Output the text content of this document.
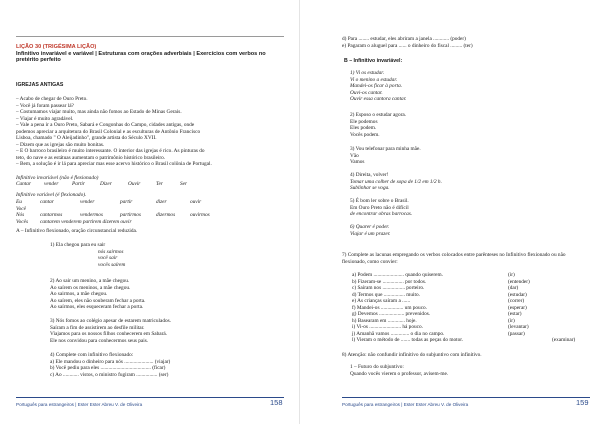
LIÇÃO 30 (TRIGÉSIMA LIÇÃO)
Infinitivo invariável e variável | Estruturas com orações adverbiais | Exercícios com verbos no pretérito perfeito
IGREJAS ANTIGAS
– Acabo de chegar de Ouro Preto.
– Você já foram passear lá?
– Costumamos viajar muito, mas ainda não fomos ao Estado de Minas Gerais.
– Viajar é muito agradável.
– Vale a pena ir a Ouro Preto, Sabará e Congonhas do Campo, cidades antigas, onde
podemos apreciar a arquitetura do Brasil Colonial e as esculturas de Antônio Francisco
Lisboa, chamado " O Aleijadinho", grande artista do Século XVII.
– Dizem que as igrejas são muito bonitas.
– E O barroco brasileiro é muito interessante. O interior das igrejas é rico. As pinturas do
teto, do nave e as estátuas aumentam o patrimônio histórico brasileiro.
– Bem, a solução é ir lá para apreciar mas esse acervo histórico o Brasil colônia de Portugal.
Infinitivo invariável (não é flexionado)
Cantar	vender	Partir	Dizer	Ouvir	Ter	Ser
Infinitivo variável (é flexionado).
Eu	cantar	vender	partir	dizer	ouvir
Você
Nós	cantarmos	vendermos	partirmos	dizermos	ouvirmos
Vocês	cantarem venderem partirem dizerem ouvir
A – Infinitivo flexionado, oração circunstancial reduzida.
1) Ela chegou para eu sair
nós sairmos
você sair
vocês saírem
2) Ao sair um menino, a mãe chegou.
Ao saírem os meninos, a mãe chegou.
Ao sairmos, a mãe chegou.
Ao saírem, eles não souberam fechar a porta.
Ao saírmos, eles esqueceram fechar a porta.
3) Nós fomos ao colégio apesar de estarem matriculados.
Saíram a fim de assistirem ao desfile militar.
Viajamos para os nossos filhos conhecerem em Sabará.
Ele nos convidou para conhecermos seus pais.
4) Complete com infinitivo flexionado:
a) Ele mandou o dinheiro para nós ...................... (viajar)
b) Você pediu para eles ...................................... (ficar)
c) Ao ............ vistos, o ministro fugiram ................ (ser)
Português para estrangeiros | Ester Ester Abreu V. de Oliveira	158
d) Para ........ estudar, eles abriram a janela ............ (poder)
e) Pagaram o aluguel para ...... o dinheiro do fiscal ......... (ter)
B – Infinitivo invariável:
1) Vi os estudar.
Vi o menino a estudar.
Mandei-os ficar à porta.
Ouvi-os cantar.
Ouvir essa cantora cantar.
2) Esposo o estudar agora.
Ele podemos
Eles podem.
Vocês podem.
3) Vou telefonar para minha mãe.
Vão
Vamos
4) Direita, volver!
Tomar uma colher de sopa de 1/2 em 1/2 h.
Sublinhar se voga.
5) É bom ler sobre o Brasil.
Em Ouro Preto não é difícil
de encontrar obras barrocas.
6) Quarer é poder.
Viajar é um prazer.
7) Complete as lacunas empregando os verbos colocados entre parênteses no Infinitivo flexionado ou não flexionado, como convier:
a) Podem ....................... quando quiserem.	(ir)
b) Fizeram-se ................ por todos.	(entender)
c) Saíram nos ................. porteiro.	(dar)
d) Termos que ................ muito.	(estudar)
e) As crianças saíram a ......	(correr)
f) Mandei-os ................. um pouco.	(esperar)
g) Devemos ................... prevenidos.	(estar)
h) Basearam em ............. hoje.	(ir)
i) Vi-os ........................ há pouco.	(levantar)
j) Amanhã vamos .............. o dia no campo.	(passar)
l) Vieram o método de ....... todas as peças do motor.	(examinar)
8) Atenção: não confundir infinitivo do subjuntivo com infinitivo.
1 – Futuro do subjuntivo:
Quando vocês vierem o professor, avisem-me.
Português para estrangeiros | Ester Ester Abreu V. de Oliveira	159
